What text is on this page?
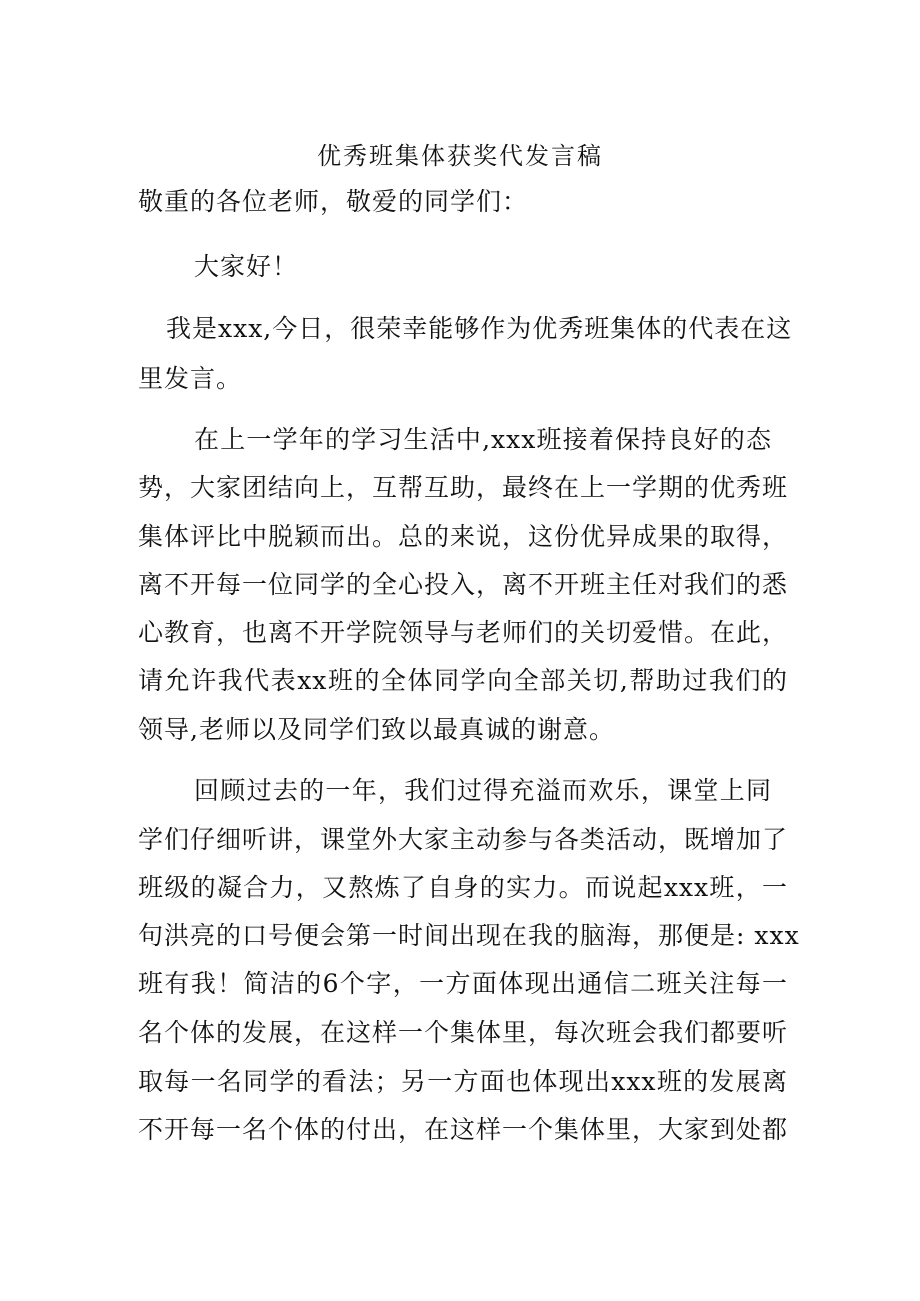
优秀班集体获奖代发言稿
敬重的各位老师，敬爱的同学们：
大家好！
我是xxx,今日，很荣幸能够作为优秀班集体的代表在这
里发言。
在上一学年的学习生活中,xxx班接着保持良好的态
势，大家团结向上，互帮互助，最终在上一学期的优秀班
集体评比中脱颖而出。总的来说，这份优异成果的取得，
离不开每一位同学的全心投入，离不开班主任对我们的悉
心教育，也离不开学院领导与老师们的关切爱惜。在此，
请允许我代表xx班的全体同学向全部关切,帮助过我们的
领导,老师以及同学们致以最真诚的谢意。
回顾过去的一年，我们过得充溢而欢乐，课堂上同
学们仔细听讲，课堂外大家主动参与各类活动，既增加了
班级的凝合力，又熬炼了自身的实力。而说起xxx班，一
句洪亮的口号便会第一时间出现在我的脑海，那便是: xxx
班有我！简洁的6个字，一方面体现出通信二班关注每一
名个体的发展，在这样一个集体里，每次班会我们都要听
取每一名同学的看法；另一方面也体现出xxx班的发展离
不开每一名个体的付出，在这样一个集体里，大家到处都
